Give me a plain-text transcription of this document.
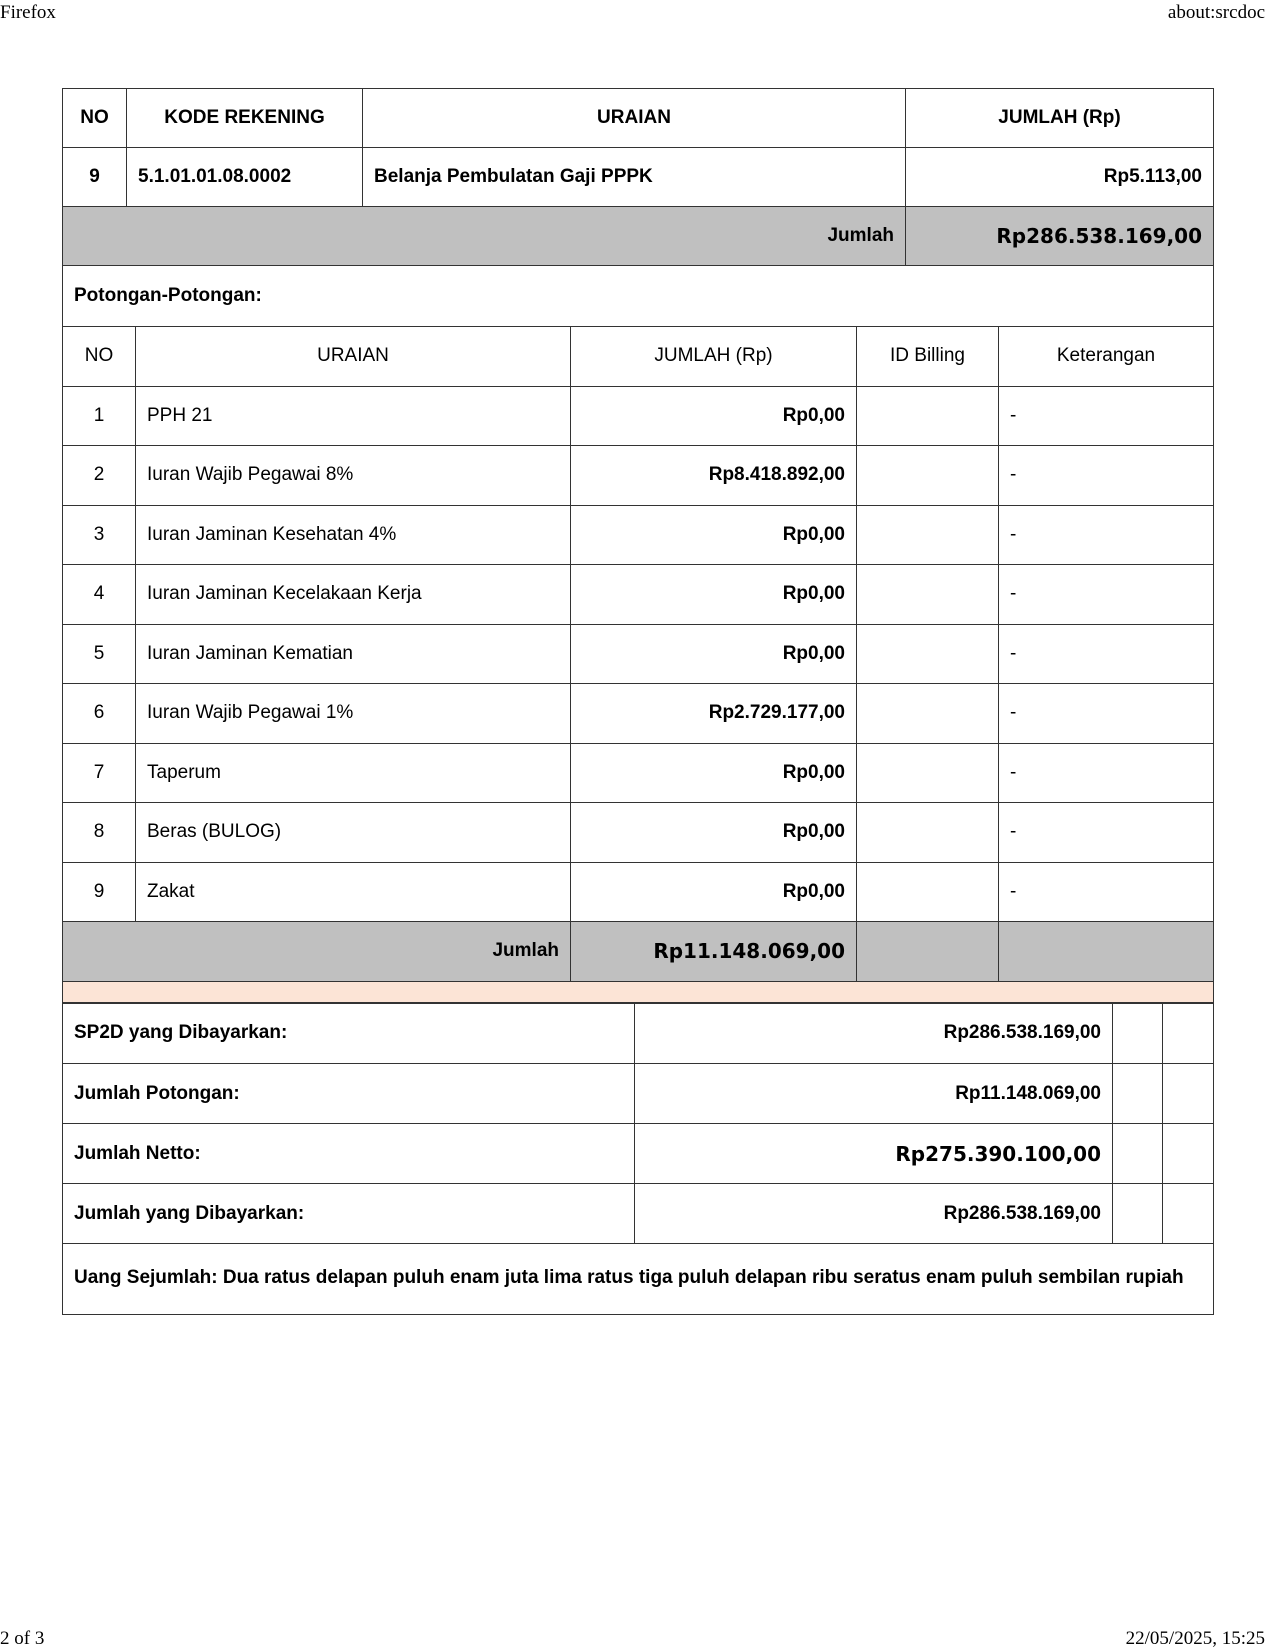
Firefox	about:srcdoc
NO	KODE REKENING	URAIAN	JUMLAH (Rp)
9	5.1.01.01.08.0002	Belanja Pembulatan Gaji PPPK	Rp5.113,00
Jumlah			Rp286.538.169,00
Potongan-Potongan:
NO	URAIAN	JUMLAH (Rp)	ID Billing	Keterangan
1	PPH 21	Rp0,00		-
2	Iuran Wajib Pegawai 8%	Rp8.418.892,00		-
3	Iuran Jaminan Kesehatan 4%	Rp0,00		-
4	Iuran Jaminan Kecelakaan Kerja	Rp0,00		-
5	Iuran Jaminan Kematian	Rp0,00		-
6	Iuran Wajib Pegawai 1%	Rp2.729.177,00		-
7	Taperum	Rp0,00		-
8	Beras (BULOG)	Rp0,00		-
9	Zakat	Rp0,00		-
Jumlah		Rp11.148.069,00		
SP2D yang Dibayarkan:	Rp286.538.169,00		
Jumlah Potongan:	Rp11.148.069,00		
Jumlah Netto:	Rp275.390.100,00		
Jumlah yang Dibayarkan:	Rp286.538.169,00		
Uang Sejumlah: Dua ratus delapan puluh enam juta lima ratus tiga puluh delapan ribu seratus enam puluh sembilan rupiah
2 of 3	22/05/2025, 15:25
